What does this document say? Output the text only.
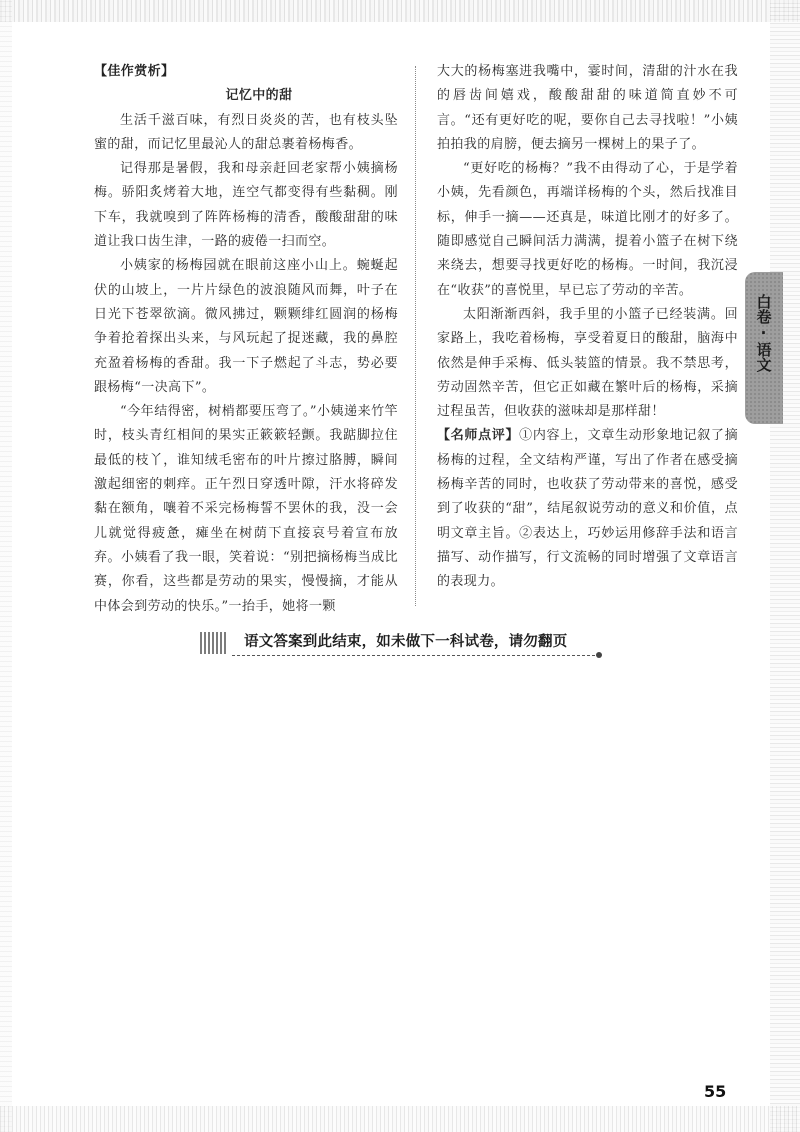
【佳作赏析】

记忆中的甜

生活千滋百味，有烈日炎炎的苦，也有枝头坠蜜的甜，而记忆里最沁人的甜总裹着杨梅香。

记得那是暑假，我和母亲赶回老家帮小姨摘杨梅。骄阳炙烤着大地，连空气都变得有些黏稠。刚下车，我就嗅到了阵阵杨梅的清香，酸酸甜甜的味道让我口齿生津，一路的疲倦一扫而空。

小姨家的杨梅园就在眼前这座小山上。蜿蜒起伏的山坡上，一片片绿色的波浪随风而舞，叶子在日光下苍翠欲滴。微风拂过，颗颗绯红圆润的杨梅争着抢着探出头来，与风玩起了捉迷藏，我的鼻腔充盈着杨梅的香甜。我一下子燃起了斗志，势必要跟杨梅“一决高下”。

“今年结得密，树梢都要压弯了。”小姨递来竹竿时，枝头青红相间的果实正簌簌轻颤。我踮脚拉住最低的枝丫，谁知绒毛密布的叶片擦过胳膊，瞬间激起细密的刺痒。正午烈日穿透叶隙，汗水将碎发黏在额角，嚷着不采完杨梅誓不罢休的我，没一会儿就觉得疲惫，瘫坐在树荫下直接哀号着宣布放弃。小姨看了我一眼，笑着说：“别把摘杨梅当成比赛，你看，这些都是劳动的果实，慢慢摘，才能从中体会到劳动的快乐。”一抬手，她将一颗

大大的杨梅塞进我嘴中，霎时间，清甜的汁水在我的唇齿间嬉戏，酸酸甜甜的味道简直妙不可言。“还有更好吃的呢，要你自己去寻找啦！”小姨拍拍我的肩膀，便去摘另一棵树上的果子了。

“更好吃的杨梅？”我不由得动了心，于是学着小姨，先看颜色，再端详杨梅的个头，然后找准目标，伸手一摘——还真是，味道比刚才的好多了。随即感觉自己瞬间活力满满，提着小篮子在树下绕来绕去，想要寻找更好吃的杨梅。一时间，我沉浸在“收获”的喜悦里，早已忘了劳动的辛苦。

太阳渐渐西斜，我手里的小篮子已经装满。回家路上，我吃着杨梅，享受着夏日的酸甜，脑海中依然是伸手采梅、低头装篮的情景。我不禁思考，劳动固然辛苦，但它正如藏在繁叶后的杨梅，采摘过程虽苦，但收获的滋味却是那样甜！

【名师点评】①内容上，文章生动形象地记叙了摘杨梅的过程，全文结构严谨，写出了作者在感受摘杨梅辛苦的同时，也收获了劳动带来的喜悦，感受到了收获的“甜”，结尾叙说劳动的意义和价值，点明文章主旨。②表达上，巧妙运用修辞手法和语言描写、动作描写，行文流畅的同时增强了文章语言的表现力。

白卷·语文
语文答案到此结束，如未做下一科试卷，请勿翻页
55
